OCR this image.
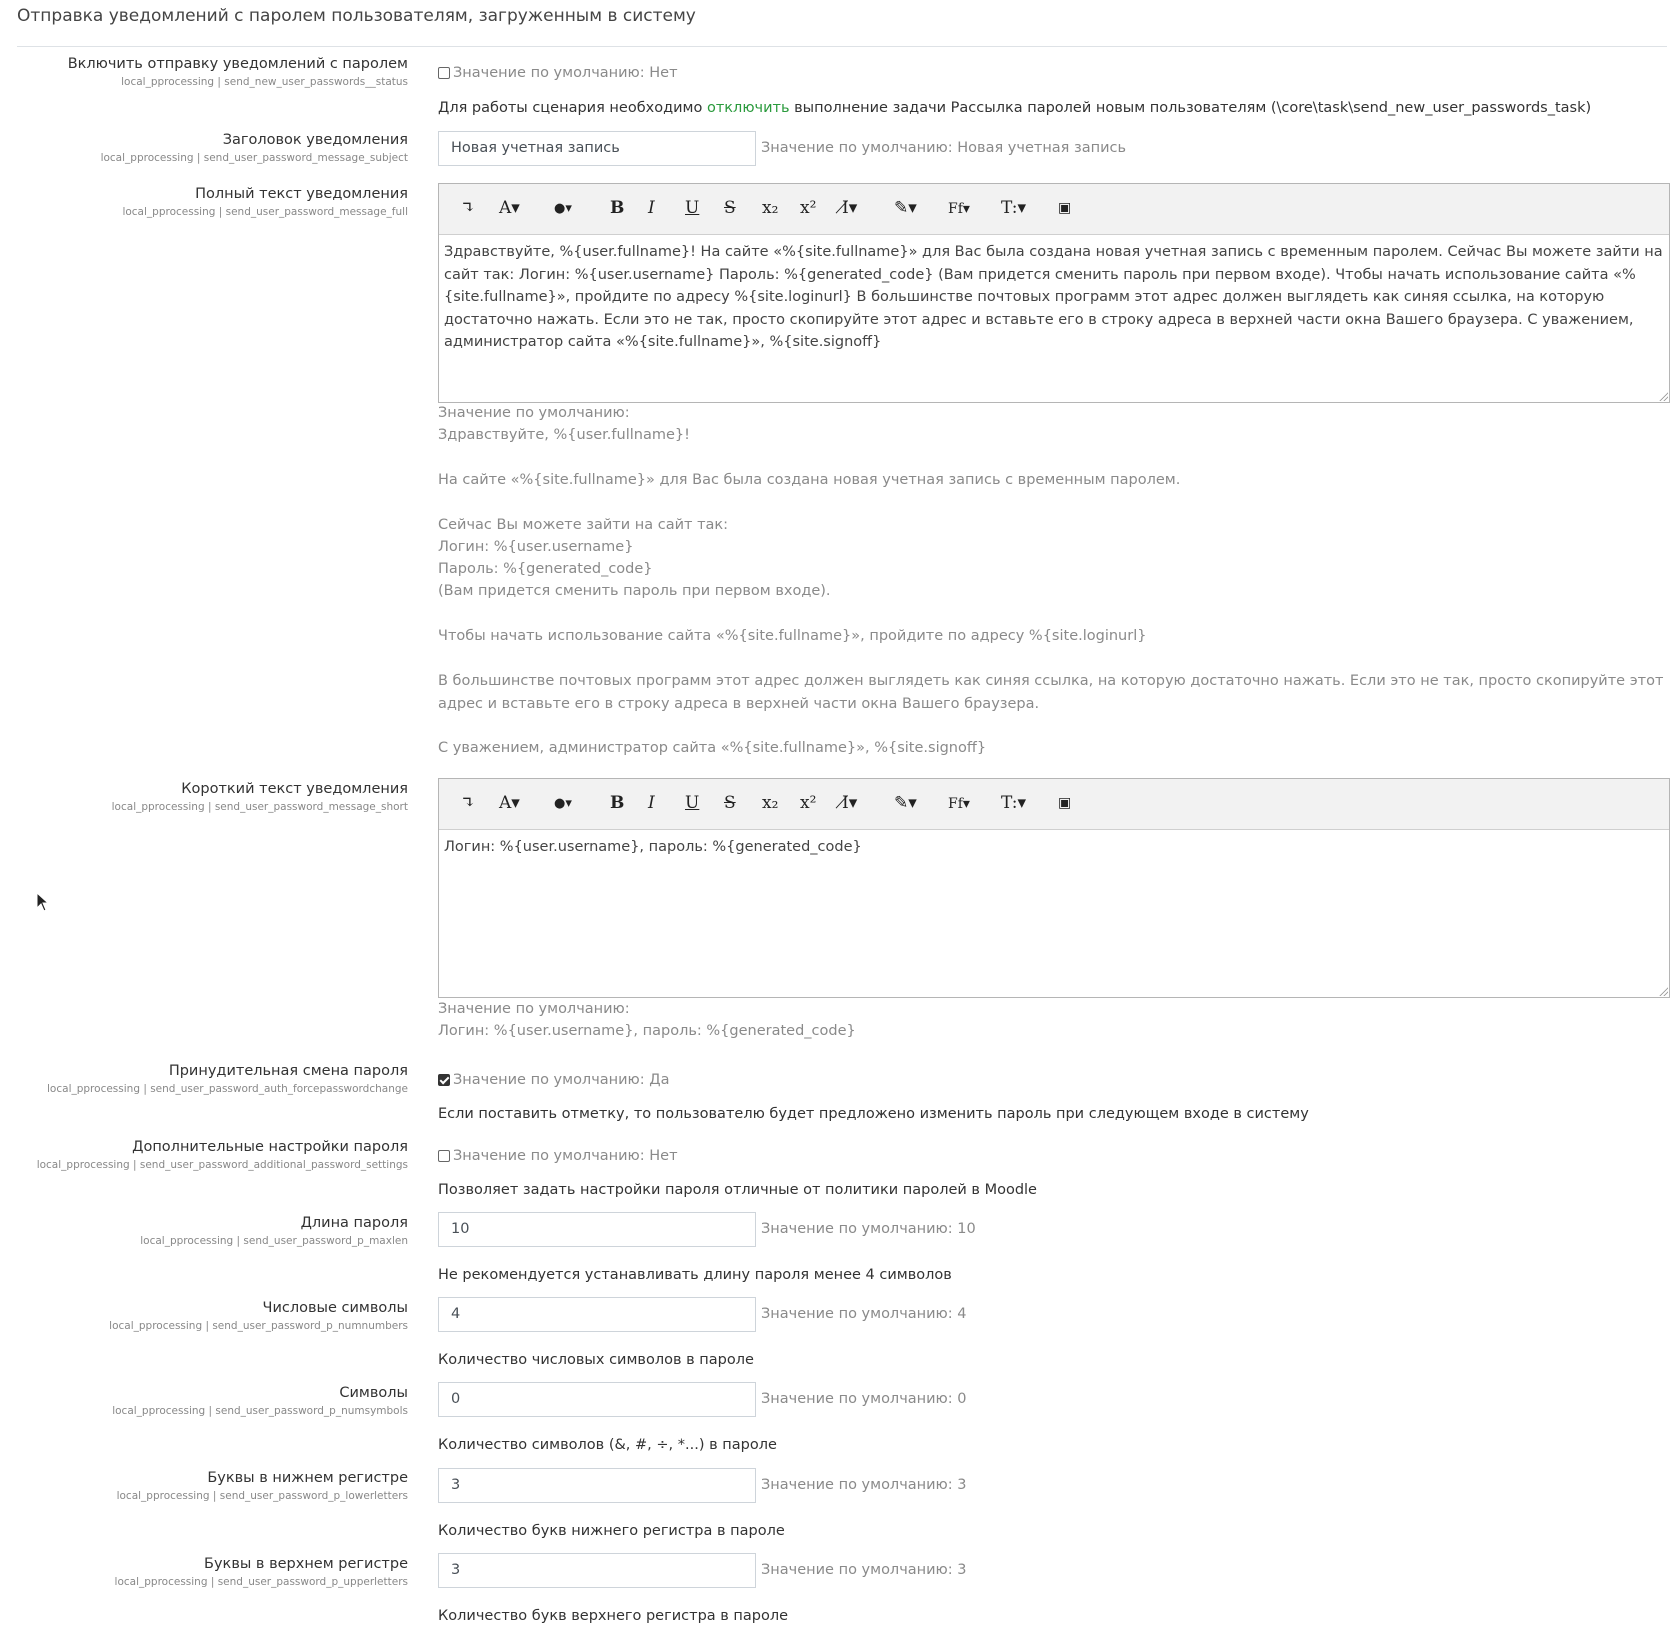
Отправка уведомлений с паролем пользователям, загруженным в систему
Включить отправку уведомлений с паролем
local_pprocessing | send_new_user_passwords__status
Значение по умолчанию: Нет
Для работы сценария необходимо отключить выполнение задачи Рассылка паролей новым пользователям (\core\task\send_new_user_passwords_task)
Заголовок уведомления
local_pprocessing | send_user_password_message_subject
Новая учетная запись	Значение по умолчанию: Новая учетная запись
Полный текст уведомления
local_pprocessing | send_user_password_message_full	↴ A▾	●▾ B I U S x₂ x² I̸▾ ✎▾ Ff▾ T:▾ ▣
Здравствуйте, %{user.fullname}! На сайте «%{site.fullname}» для Вас была создана новая учетная запись с временным паролем. Сейчас Вы можете зайти на сайт так: Логин: %{user.username} Пароль: %{generated_code} (Вам придется сменить пароль при первом входе). Чтобы начать использование сайта «%{site.fullname}», пройдите по адресу %{site.loginurl} В большинстве почтовых программ этот адрес должен выглядеть как синяя ссылка, на которую достаточно нажать. Если это не так, просто скопируйте этот адрес и вставьте его в строку адреса в верхней части окна Вашего браузера. С уважением, администратор сайта «%{site.fullname}», %{site.signoff}
Значение по умолчанию:
Здравствуйте, %{user.fullname}!
На сайте «%{site.fullname}» для Вас была создана новая учетная запись с временным паролем.
Сейчас Вы можете зайти на сайт так:
Логин: %{user.username}
Пароль: %{generated_code}
(Вам придется сменить пароль при первом входе).
Чтобы начать использование сайта «%{site.fullname}», пройдите по адресу %{site.loginurl}
В большинстве почтовых программ этот адрес должен выглядеть как синяя ссылка, на которую достаточно нажать. Если это не так, просто скопируйте этот адрес и вставьте его в строку адреса в верхней части окна Вашего браузера.
С уважением, администратор сайта «%{site.fullname}», %{site.signoff}
Короткий текст уведомления
local_pprocessing | send_user_password_message_short	↴ A▾	●▾ B I U S x₂ x² I̸▾ ✎▾ Ff▾ T:▾ ▣
Логин: %{user.username}, пароль: %{generated_code}
Значение по умолчанию:
Логин: %{user.username}, пароль: %{generated_code}
Принудительная смена пароля
local_pprocessing | send_user_password_auth_forcepasswordchange
Значение по умолчанию: Да
Если поставить отметку, то пользователю будет предложено изменить пароль при следующем входе в систему
Дополнительные настройки пароля
local_pprocessing | send_user_password_additional_password_settings
Значение по умолчанию: Нет
Позволяет задать настройки пароля отличные от политики паролей в Moodle
Длина пароля
local_pprocessing | send_user_password_p_maxlen
10	Значение по умолчанию: 10
Не рекомендуется устанавливать длину пароля менее 4 символов
Числовые символы
local_pprocessing | send_user_password_p_numnumbers
4	Значение по умолчанию: 4
Количество числовых символов в пароле
Символы
local_pprocessing | send_user_password_p_numsymbols
0	Значение по умолчанию: 0
Количество символов (&, #, ÷, *...) в пароле
Буквы в нижнем регистре
local_pprocessing | send_user_password_p_lowerletters
3	Значение по умолчанию: 3
Количество букв нижнего регистра в пароле
Буквы в верхнем регистре
local_pprocessing | send_user_password_p_upperletters
3	Значение по умолчанию: 3
Количество букв верхнего регистра в пароле
